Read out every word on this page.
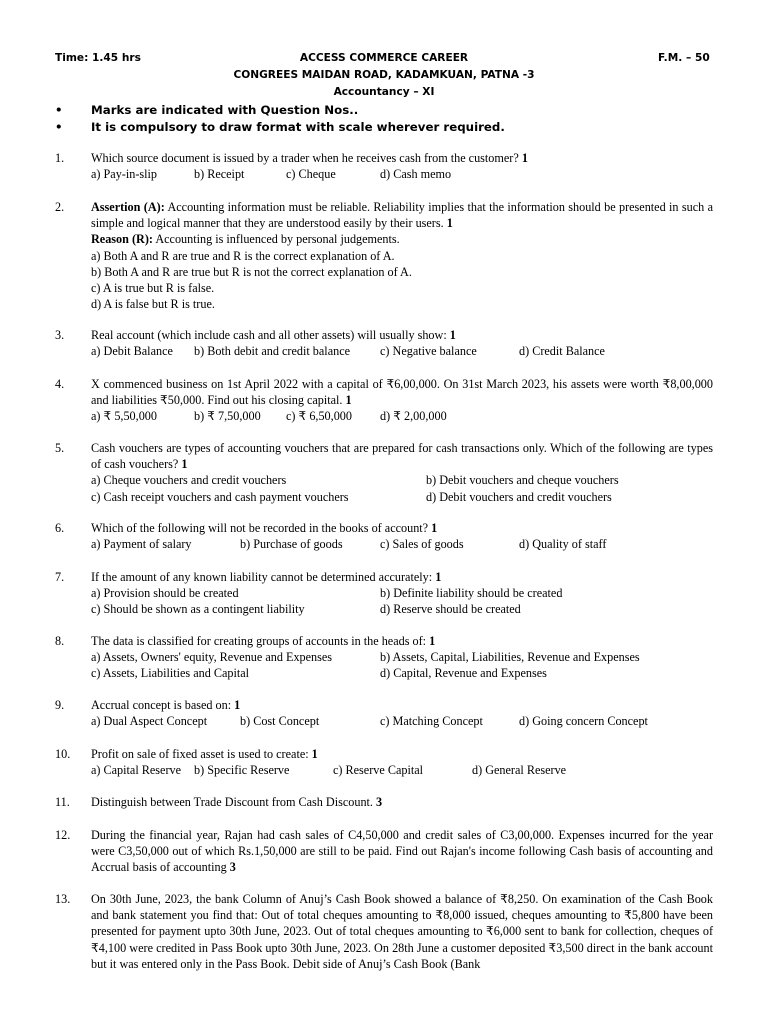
Time: 1.45 hrs	ACCESS COMMERCE CAREER	F.M. – 50
CONGREES MAIDAN ROAD, KADAMKUAN, PATNA -3
Accountancy – XI
•	Marks are indicated with Question Nos..
•	It is compulsory to draw format with scale wherever required.
1.	Which source document is issued by a trader when he receives cash from the customer? 1
a) Pay-in-slip	b) Receipt	c) Cheque	d) Cash memo
2.	Assertion (A): Accounting information must be reliable. Reliability implies that the information should be presented in such a simple and logical manner that they are understood easily by their users. 1
Reason (R): Accounting is influenced by personal judgements.
a) Both A and R are true and R is the correct explanation of A.
b) Both A and R are true but R is not the correct explanation of A.
c) A is true but R is false.
d) A is false but R is true.
3.	Real account (which include cash and all other assets) will usually show: 1
a) Debit Balance b) Both debit and credit balance c) Negative balance	d) Credit Balance
4.	X commenced business on 1st April 2022 with a capital of ₹6,00,000. On 31st March 2023, his assets were worth ₹8,00,000 and liabilities ₹50,000. Find out his closing capital. 1
a) ₹ 5,50,000	b) ₹ 7,50,000 c) ₹ 6,50,000 d) ₹ 2,00,000
5.	Cash vouchers are types of accounting vouchers that are prepared for cash transactions only. Which of the following are types of cash vouchers? 1
a) Cheque vouchers and credit vouchers	b) Debit vouchers and cheque vouchers
c) Cash receipt vouchers and cash payment vouchers	d) Debit vouchers and credit vouchers
6.	Which of the following will not be recorded in the books of account? 1
a) Payment of salary	b) Purchase of goods	c) Sales of goods	d) Quality of staff
7.	If the amount of any known liability cannot be determined accurately: 1
a) Provision should be created	b) Definite liability should be created
c) Should be shown as a contingent liability	d) Reserve should be created
8.	The data is classified for creating groups of accounts in the heads of: 1
a) Assets, Owners' equity, Revenue and Expenses	b) Assets, Capital, Liabilities, Revenue and Expenses
c) Assets, Liabilities and Capital	d) Capital, Revenue and Expenses
9.	Accrual concept is based on: 1
a) Dual Aspect Concept	b) Cost Concept	c) Matching Concept	d) Going concern Concept
10.	Profit on sale of fixed asset is used to create: 1
a) Capital Reserve b) Specific Reserve	c) Reserve Capital	d) General Reserve
11.	Distinguish between Trade Discount from Cash Discount. 3
12.	During the financial year, Rajan had cash sales of C4,50,000 and credit sales of C3,00,000. Expenses incurred for the year were C3,50,000 out of which Rs.1,50,000 are still to be paid. Find out Rajan's income following Cash basis of accounting and Accrual basis of accounting 3
13.	On 30th June, 2023, the bank Column of Anuj’s Cash Book showed a balance of ₹8,250. On examination of the Cash Book and bank statement you find that: Out of total cheques amounting to ₹8,000 issued, cheques amounting to ₹5,800 have been presented for payment upto 30th June, 2023. Out of total cheques amounting to ₹6,000 sent to bank for collection, cheques of ₹4,100 were credited in Pass Book upto 30th June, 2023. On 28th June a customer deposited ₹3,500 direct in the bank account but it was entered only in the Pass Book. Debit side of Anuj’s Cash Book (Bank
